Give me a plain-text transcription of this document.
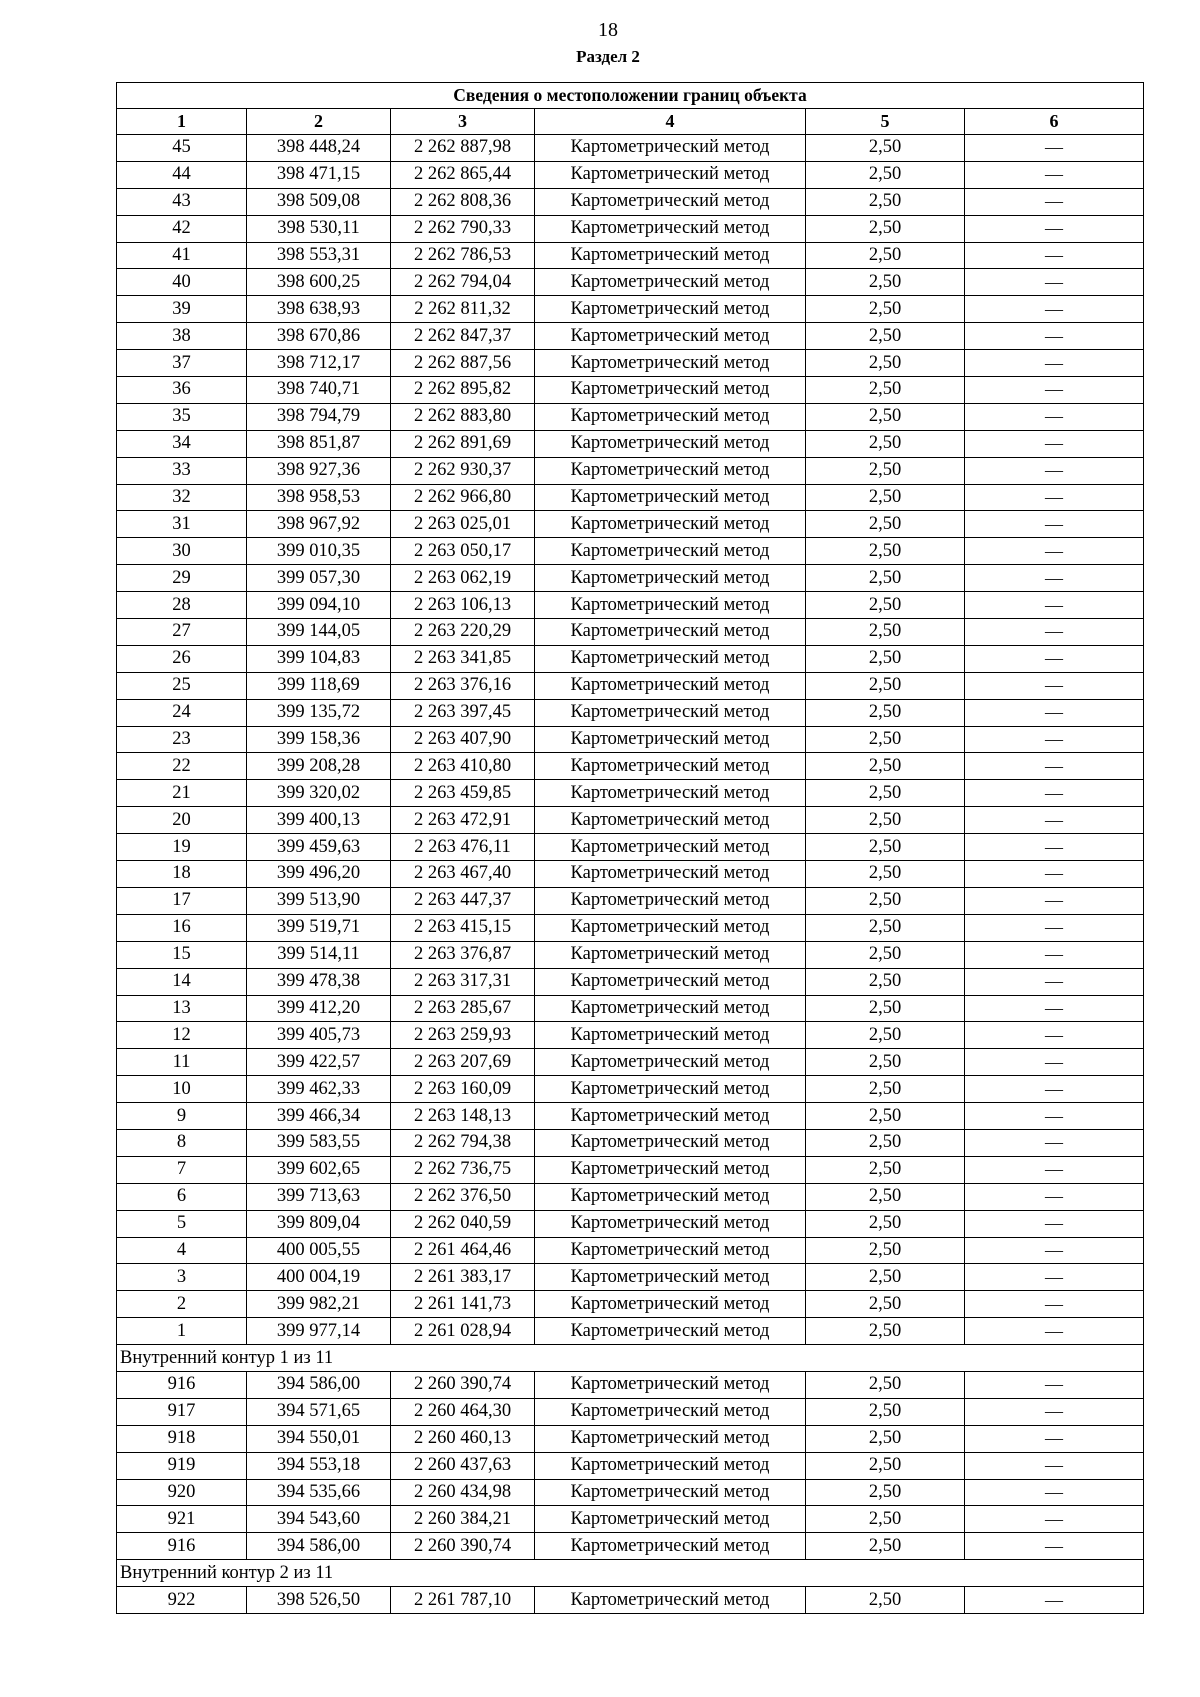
18
Раздел 2
Сведения о местоположении границ объекта					
1	2	3	4	5	6
45	398 448,24	2 262 887,98	Картометрический метод	2,50	—
44	398 471,15	2 262 865,44	Картометрический метод	2,50	—
43	398 509,08	2 262 808,36	Картометрический метод	2,50	—
42	398 530,11	2 262 790,33	Картометрический метод	2,50	—
41	398 553,31	2 262 786,53	Картометрический метод	2,50	—
40	398 600,25	2 262 794,04	Картометрический метод	2,50	—
39	398 638,93	2 262 811,32	Картометрический метод	2,50	—
38	398 670,86	2 262 847,37	Картометрический метод	2,50	—
37	398 712,17	2 262 887,56	Картометрический метод	2,50	—
36	398 740,71	2 262 895,82	Картометрический метод	2,50	—
35	398 794,79	2 262 883,80	Картометрический метод	2,50	—
34	398 851,87	2 262 891,69	Картометрический метод	2,50	—
33	398 927,36	2 262 930,37	Картометрический метод	2,50	—
32	398 958,53	2 262 966,80	Картометрический метод	2,50	—
31	398 967,92	2 263 025,01	Картометрический метод	2,50	—
30	399 010,35	2 263 050,17	Картометрический метод	2,50	—
29	399 057,30	2 263 062,19	Картометрический метод	2,50	—
28	399 094,10	2 263 106,13	Картометрический метод	2,50	—
27	399 144,05	2 263 220,29	Картометрический метод	2,50	—
26	399 104,83	2 263 341,85	Картометрический метод	2,50	—
25	399 118,69	2 263 376,16	Картометрический метод	2,50	—
24	399 135,72	2 263 397,45	Картометрический метод	2,50	—
23	399 158,36	2 263 407,90	Картометрический метод	2,50	—
22	399 208,28	2 263 410,80	Картометрический метод	2,50	—
21	399 320,02	2 263 459,85	Картометрический метод	2,50	—
20	399 400,13	2 263 472,91	Картометрический метод	2,50	—
19	399 459,63	2 263 476,11	Картометрический метод	2,50	—
18	399 496,20	2 263 467,40	Картометрический метод	2,50	—
17	399 513,90	2 263 447,37	Картометрический метод	2,50	—
16	399 519,71	2 263 415,15	Картометрический метод	2,50	—
15	399 514,11	2 263 376,87	Картометрический метод	2,50	—
14	399 478,38	2 263 317,31	Картометрический метод	2,50	—
13	399 412,20	2 263 285,67	Картометрический метод	2,50	—
12	399 405,73	2 263 259,93	Картометрический метод	2,50	—
11	399 422,57	2 263 207,69	Картометрический метод	2,50	—
10	399 462,33	2 263 160,09	Картометрический метод	2,50	—
9	399 466,34	2 263 148,13	Картометрический метод	2,50	—
8	399 583,55	2 262 794,38	Картометрический метод	2,50	—
7	399 602,65	2 262 736,75	Картометрический метод	2,50	—
6	399 713,63	2 262 376,50	Картометрический метод	2,50	—
5	399 809,04	2 262 040,59	Картометрический метод	2,50	—
4	400 005,55	2 261 464,46	Картометрический метод	2,50	—
3	400 004,19	2 261 383,17	Картометрический метод	2,50	—
2	399 982,21	2 261 141,73	Картометрический метод	2,50	—
1	399 977,14	2 261 028,94	Картометрический метод	2,50	—
Внутренний контур 1 из 11					
916	394 586,00	2 260 390,74	Картометрический метод	2,50	—
917	394 571,65	2 260 464,30	Картометрический метод	2,50	—
918	394 550,01	2 260 460,13	Картометрический метод	2,50	—
919	394 553,18	2 260 437,63	Картометрический метод	2,50	—
920	394 535,66	2 260 434,98	Картометрический метод	2,50	—
921	394 543,60	2 260 384,21	Картометрический метод	2,50	—
916	394 586,00	2 260 390,74	Картометрический метод	2,50	—
Внутренний контур 2 из 11					
922	398 526,50	2 261 787,10	Картометрический метод	2,50	—
